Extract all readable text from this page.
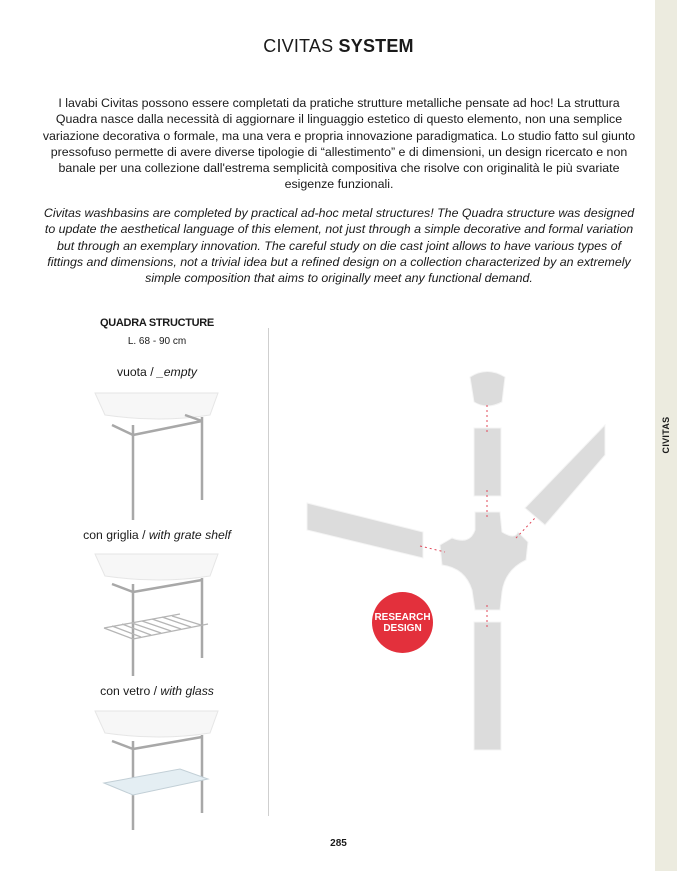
CIVITAS
CIVITAS SYSTEM
I lavabi Civitas possono essere completati da pratiche strutture metalliche pensate ad hoc! La struttura Quadra nasce dalla necessità di aggiornare il linguaggio estetico di questo elemento, non una semplice variazione decorativa o formale, ma una vera e propria innovazione paradigmatica. Lo studio fatto sul giunto pressofuso permette di avere diverse tipologie di “allestimento” e di dimensioni, un design ricercato e non banale per una collezione dall'estrema semplicità compositiva che risolve con originalità le più svariate esigenze funzionali.
Civitas washbasins are completed by practical ad-hoc metal structures! The Quadra structure was designed to update the aesthetical language of this element, not just through a simple decorative and formal variation but through an exemplary innovation. The careful study on die cast joint allows to have various types of fittings and dimensions, not a trivial idea but a refined design on a collection characterized by an extremely simple composition that aims to originally meet any functional demand.
QUADRA STRUCTURE
L. 68 - 90 cm
vuota / _empty
con griglia / with grate shelf
con vetro / with glass
RESEARCH
DESIGN
285
